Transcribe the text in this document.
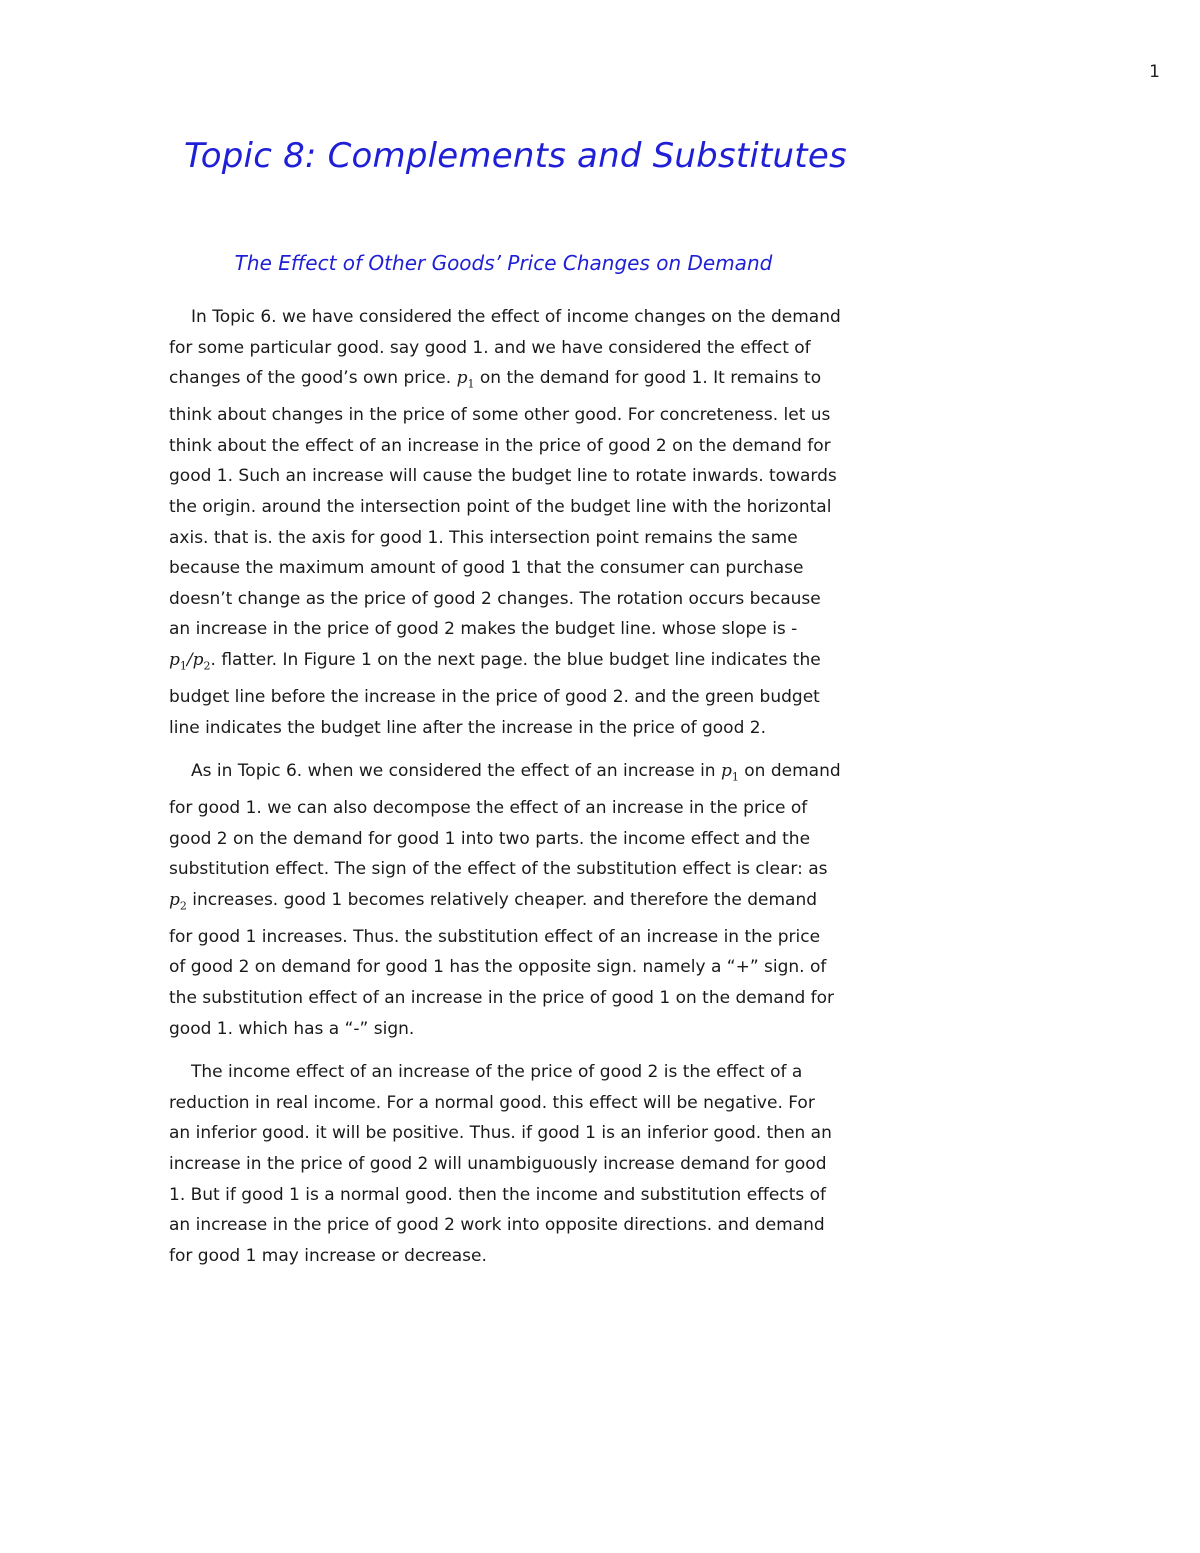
1
Topic 8: Complements and Substitutes
The Effect of Other Goods’ Price Changes on Demand

In Topic 6. we have considered the effect of income changes on the demand for some particular good. say good 1. and we have considered the effect of changes of the good’s own price. $p_1$ on the demand for good 1. It remains to think about changes in the price of some other good. For concreteness. let us think about the effect of an increase in the price of good 2 on the demand for good 1. Such an increase will cause the budget line to rotate inwards. towards the origin. around the intersection point of the budget line with the horizontal axis. that is. the axis for good 1. This intersection point remains the same because the maximum amount of good 1 that the consumer can purchase doesn’t change as the price of good 2 changes. The rotation occurs because an increase in the price of good 2 makes the budget line. whose slope is $-p_1/p_2$. flatter. In Figure 1 on the next page. the blue budget line indicates the budget line before the increase in the price of good 2. and the green budget line indicates the budget line after the increase in the price of good 2.

As in Topic 6. when we considered the effect of an increase in $p_1$ on demand for good 1. we can also decompose the effect of an increase in the price of good 2 on the demand for good 1 into two parts. the income effect and the substitution effect. The sign of the effect of the substitution effect is clear: as $p_2$ increases. good 1 becomes relatively cheaper. and therefore the demand for good 1 increases. Thus. the substitution effect of an increase in the price of good 2 on demand for good 1 has the opposite sign. namely a “+” sign. of the substitution effect of an increase in the price of good 1 on the demand for good 1. which has a “-” sign.

The income effect of an increase of the price of good 2 is the effect of a reduction in real income. For a normal good. this effect will be negative. For an inferior good. it will be positive. Thus. if good 1 is an inferior good. then an increase in the price of good 2 will unambiguously increase demand for good 1. But if good 1 is a normal good. then the income and substitution effects of an increase in the price of good 2 work into opposite directions. and demand for good 1 may increase or decrease.
